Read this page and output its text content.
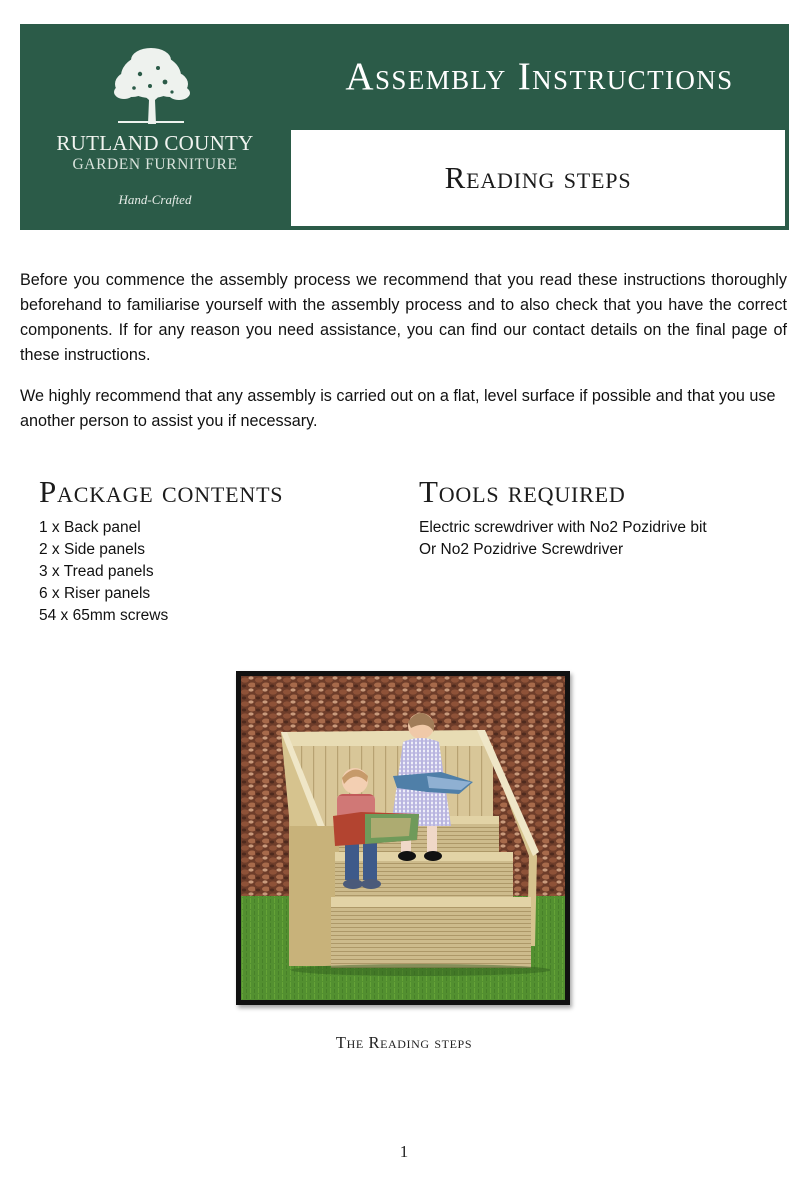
RUTLAND COUNTY
GARDEN FURNITURE
Hand-Crafted
Assembly Instructions
Reading steps

Before you commence the assembly process we recommend that you read these instructions thoroughly beforehand to familiarise yourself with the assembly process and to also check that you have the correct components. If for any reason you need assistance, you can find our contact details on the final page of these instructions.

We highly recommend that any assembly is carried out on a flat, level surface if possible and that you use another person to assist you if necessary.

Package contents
1 x Back panel
2 x Side panels
3 x Tread panels
6 x Riser panels
54 x 65mm screws
Tools required
Electric screwdriver with No2 Pozidrive bit
Or No2 Pozidrive Screwdriver
The Reading steps
1
